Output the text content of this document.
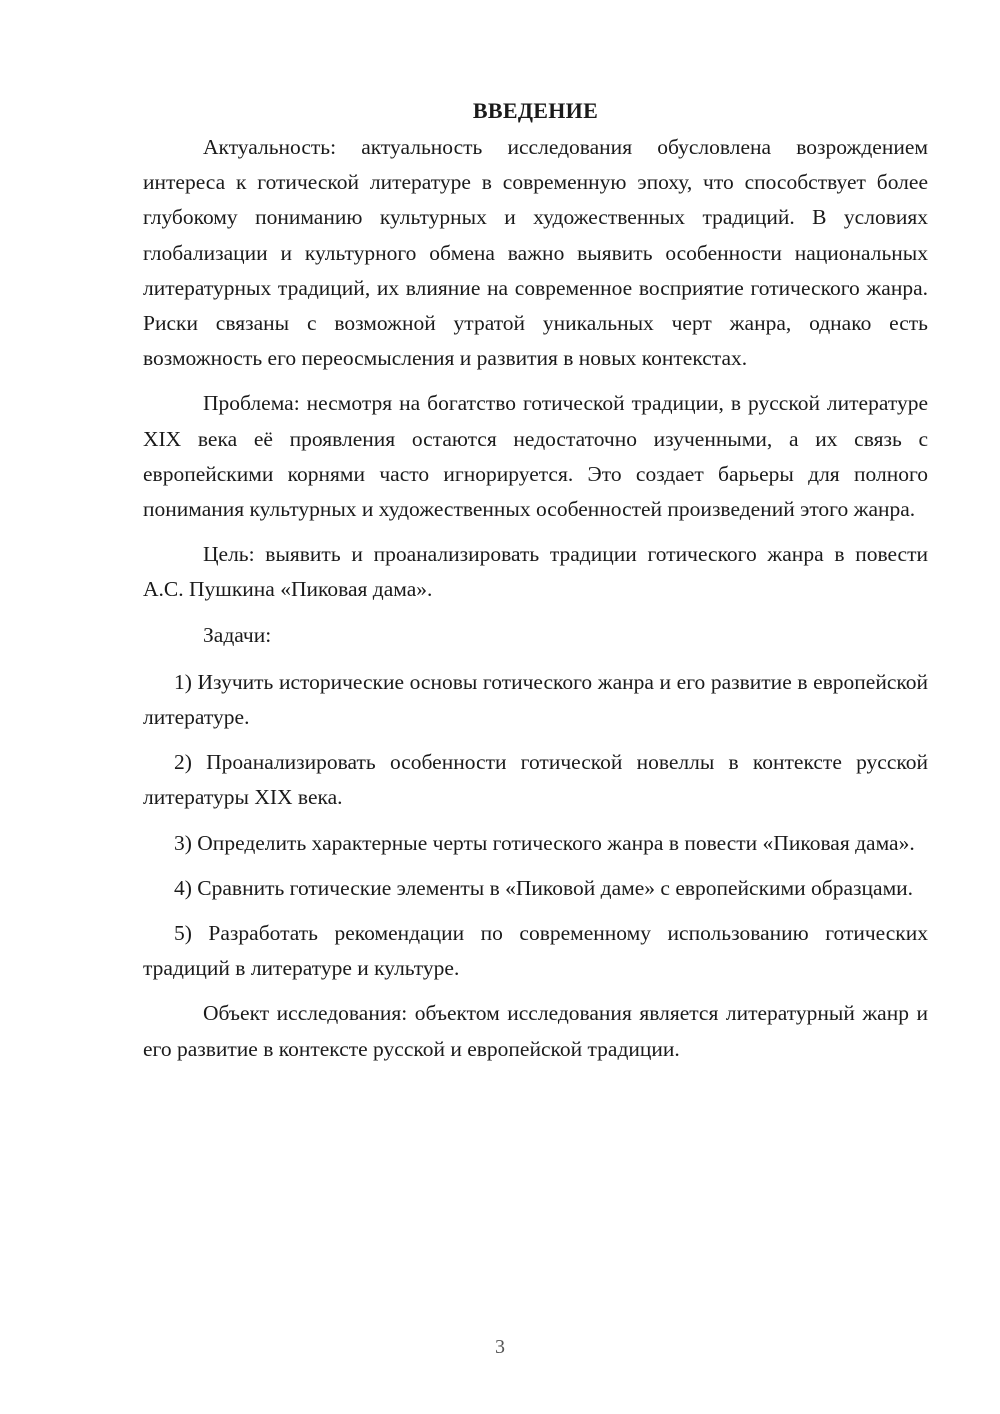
ВВЕДЕНИЕ

Актуальность: актуальность исследования обусловлена возрождением интереса к готической литературе в современную эпоху, что способствует более глубокому пониманию культурных и художественных традиций. В условиях глобализации и культурного обмена важно выявить особенности национальных литературных традиций, их влияние на современное восприятие готического жанра. Риски связаны с возможной утратой уникальных черт жанра, однако есть возможность его переосмысления и развития в новых контекстах.

Проблема: несмотря на богатство готической традиции, в русской литературе XIX века её проявления остаются недостаточно изученными, а их связь с европейскими корнями часто игнорируется. Это создает барьеры для полного понимания культурных и художественных особенностей произведений этого жанра.

Цель: выявить и проанализировать традиции готического жанра в повести А.С. Пушкина «Пиковая дама».

Задачи:

1) Изучить исторические основы готического жанра и его развитие в европейской литературе.

2) Проанализировать особенности готической новеллы в контексте русской литературы XIX века.

3) Определить характерные черты готического жанра в повести «Пиковая дама».

4) Сравнить готические элементы в «Пиковой даме» с европейскими образцами.

5) Разработать рекомендации по современному использованию готических традиций в литературе и культуре.

Объект исследования: объектом исследования является литературный жанр и его развитие в контексте русской и европейской традиции.

3
